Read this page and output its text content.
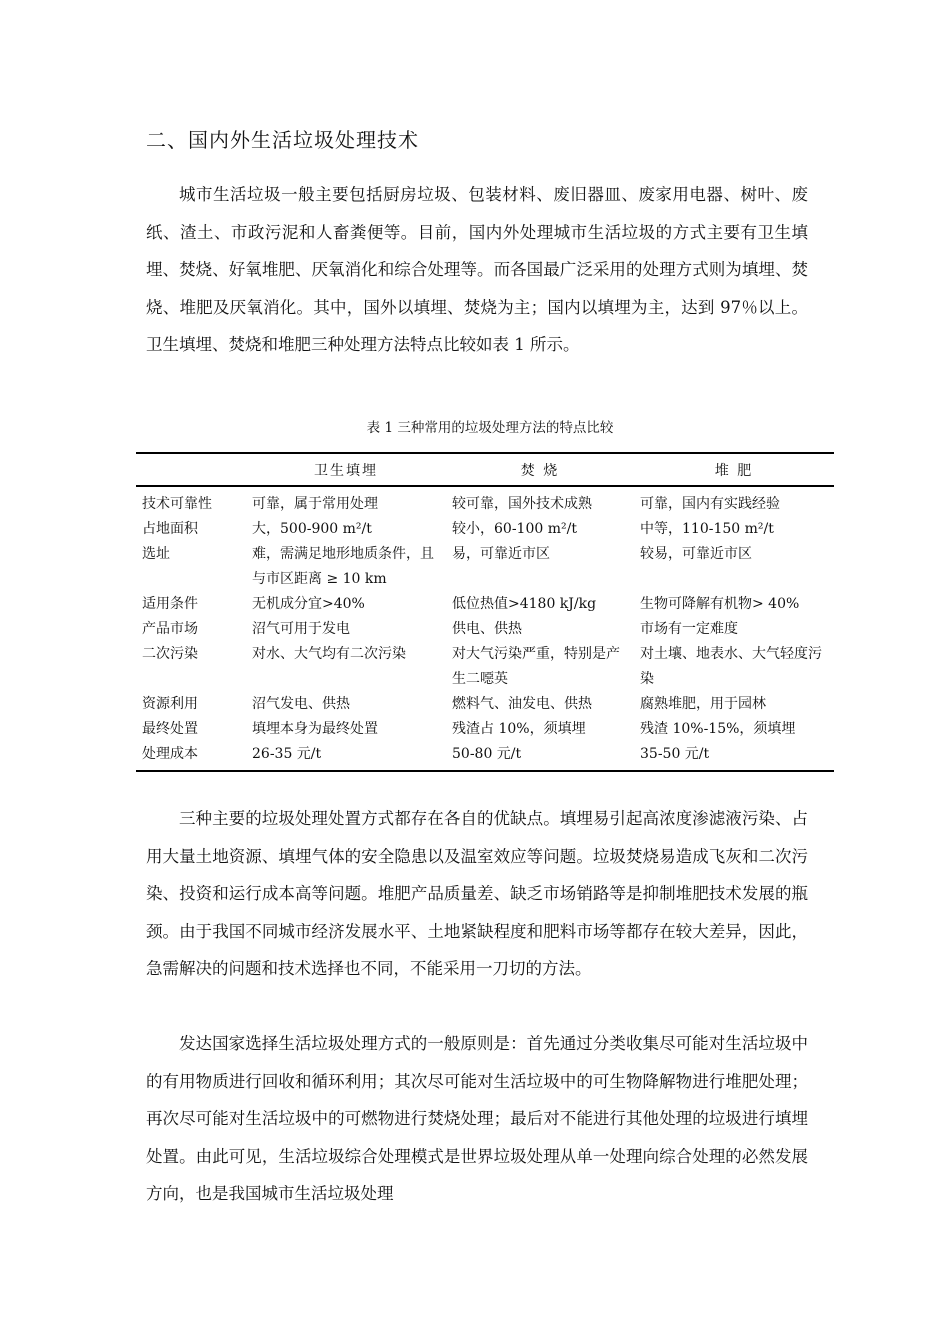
二、国内外生活垃圾处理技术

城市生活垃圾一般主要包括厨房垃圾、包装材料、废旧器皿、废家用电器、树叶、废纸、渣土、市政污泥和人畜粪便等。目前，国内外处理城市生活垃圾的方式主要有卫生填埋、焚烧、好氧堆肥、厌氧消化和综合处理等。而各国最广泛采用的处理方式则为填埋、焚烧、堆肥及厌氧消化。其中，国外以填埋、焚烧为主；国内以填埋为主，达到 97％以上。卫生填埋、焚烧和堆肥三种处理方法特点比较如表 1 所示。

表 1 三种常用的垃圾处理方法的特点比较
	卫生填埋	焚 烧	堆 肥
技术可靠性	可靠，属于常用处理	较可靠，国外技术成熟	可靠，国内有实践经验
占地面积	大，500-900 m²/t	较小，60-100 m²/t	中等，110-150 m²/t
选址	难，需满足地形地质条件，且与市区距离 ≥ 10 km	易，可靠近市区	较易，可靠近市区
适用条件	无机成分宜>40%	低位热值>4180 kJ/kg	生物可降解有机物> 40%
产品市场	沼气可用于发电	供电、供热	市场有一定难度
二次污染	对水、大气均有二次污染	对大气污染严重，特别是产生二噁英	对土壤、地表水、大气轻度污染
资源利用	沼气发电、供热	燃料气、油发电、供热	腐熟堆肥，用于园林
最终处置	填埋本身为最终处置	残渣占 10%，须填埋	残渣 10%-15%，须填埋
处理成本	26-35 元/t	50-80 元/t	35-50 元/t

三种主要的垃圾处理处置方式都存在各自的优缺点。填埋易引起高浓度渗滤液污染、占用大量土地资源、填埋气体的安全隐患以及温室效应等问题。垃圾焚烧易造成飞灰和二次污染、投资和运行成本高等问题。堆肥产品质量差、缺乏市场销路等是抑制堆肥技术发展的瓶颈。由于我国不同城市经济发展水平、土地紧缺程度和肥料市场等都存在较大差异，因此，急需解决的问题和技术选择也不同，不能采用一刀切的方法。

发达国家选择生活垃圾处理方式的一般原则是：首先通过分类收集尽可能对生活垃圾中的有用物质进行回收和循环利用；其次尽可能对生活垃圾中的可生物降解物进行堆肥处理；再次尽可能对生活垃圾中的可燃物进行焚烧处理；最后对不能进行其他处理的垃圾进行填埋处置。由此可见，生活垃圾综合处理模式是世界垃圾处理从单一处理向综合处理的必然发展方向，也是我国城市生活垃圾处理
